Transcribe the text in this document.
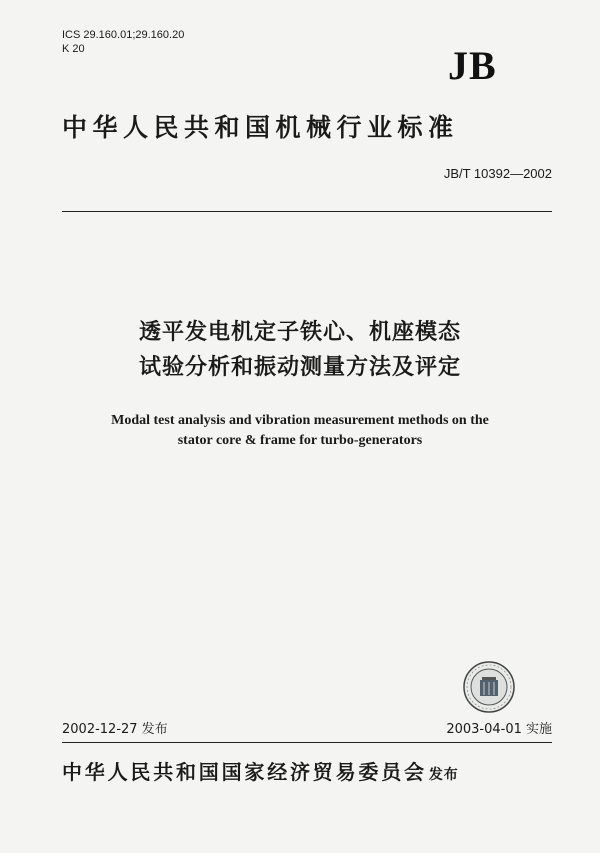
ICS 29.160.01;29.160.20
K 20	JB
中华人民共和国机械行业标准
JB/T 10392—2002
透平发电机定子铁心、机座模态
试验分析和振动测量方法及评定
Modal test analysis and vibration measurement methods on the
stator core & frame for turbo-generators
2002-12-27 发布	2003-04-01 实施
中华人民共和国国家经济贸易委员会 发布
